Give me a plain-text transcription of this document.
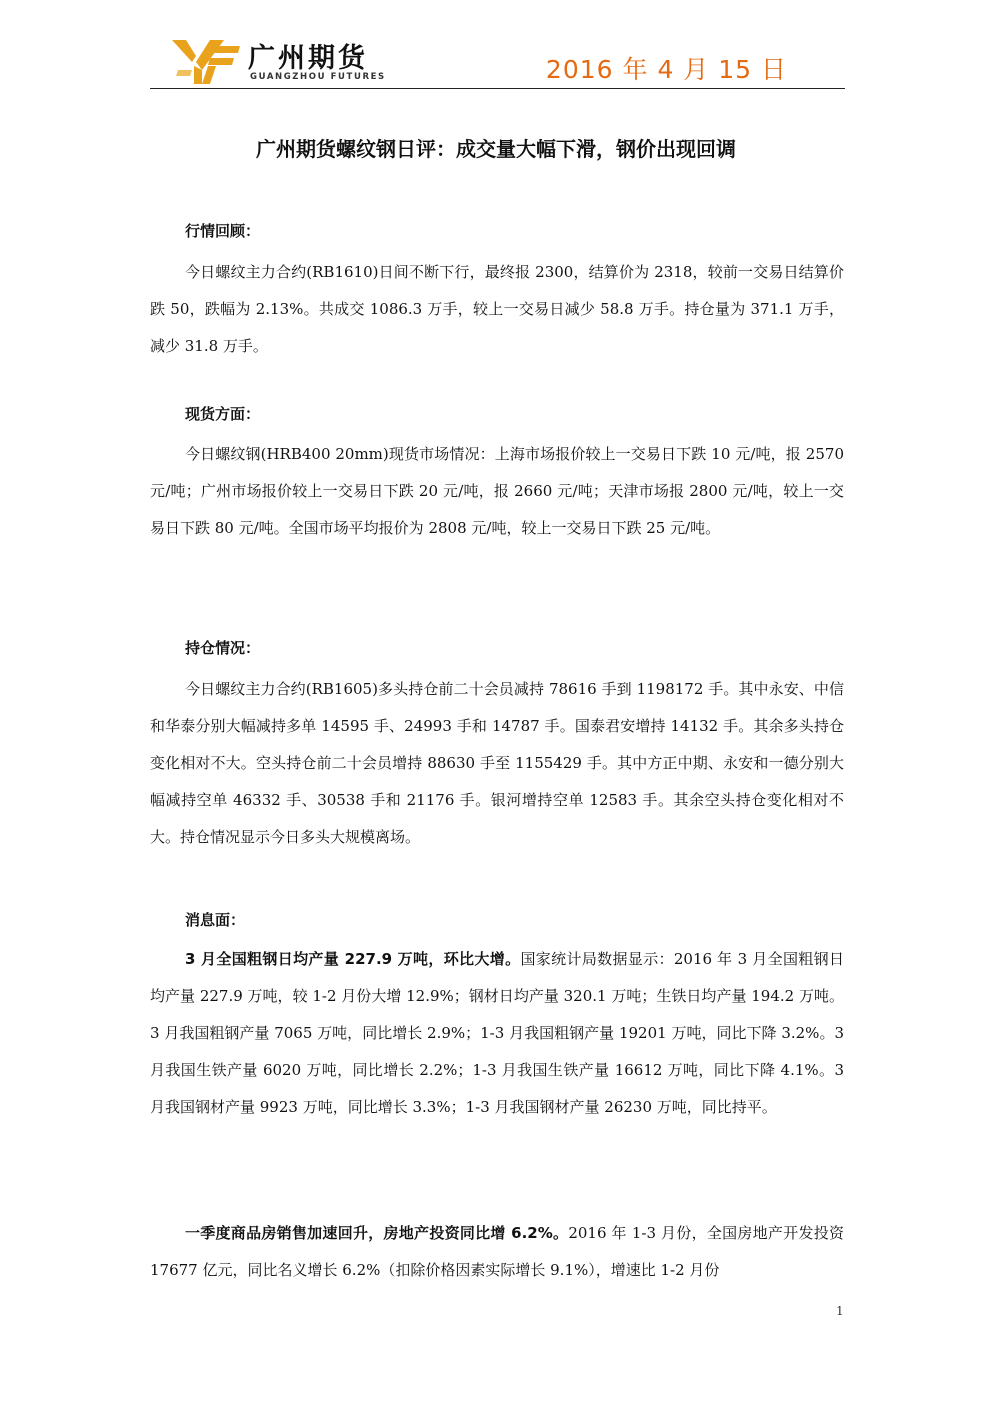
广州期货
GUANGZHOU FUTURES	2016 年 4 月 15 日
广州期货螺纹钢日评：成交量大幅下滑，钢价出现回调
行情回顾：
今日螺纹主力合约(RB1610)日间不断下行，最终报 2300，结算价为 2318，较前一交易日结算价跌 50，跌幅为 2.13%。共成交 1086.3 万手，较上一交易日减少 58.8 万手。持仓量为 371.1 万手，减少 31.8 万手。
现货方面：
今日螺纹钢(HRB400 20mm)现货市场情况：上海市场报价较上一交易日下跌 10 元/吨，报 2570 元/吨；广州市场报价较上一交易日下跌 20 元/吨，报 2660 元/吨；天津市场报 2800 元/吨，较上一交易日下跌 80 元/吨。全国市场平均报价为 2808 元/吨，较上一交易日下跌 25 元/吨。
持仓情况：
今日螺纹主力合约(RB1605)多头持仓前二十会员减持 78616 手到 1198172 手。其中永安、中信和华泰分别大幅减持多单 14595 手、24993 手和 14787 手。国泰君安增持 14132 手。其余多头持仓变化相对不大。空头持仓前二十会员增持 88630 手至 1155429 手。其中方正中期、永安和一德分别大幅减持空单 46332 手、30538 手和 21176 手。银河增持空单 12583 手。其余空头持仓变化相对不大。持仓情况显示今日多头大规模离场。
消息面：
3 月全国粗钢日均产量 227.9 万吨，环比大增。国家统计局数据显示：2016 年 3 月全国粗钢日均产量 227.9 万吨，较 1-2 月份大增 12.9%；钢材日均产量 320.1 万吨；生铁日均产量 194.2 万吨。3 月我国粗钢产量 7065 万吨，同比增长 2.9%；1-3 月我国粗钢产量 19201 万吨，同比下降 3.2%。3 月我国生铁产量 6020 万吨，同比增长 2.2%；1-3 月我国生铁产量 16612 万吨，同比下降 4.1%。3 月我国钢材产量 9923 万吨，同比增长 3.3%；1-3 月我国钢材产量 26230 万吨，同比持平。
一季度商品房销售加速回升，房地产投资同比增 6.2%。2016 年 1-3 月份，全国房地产开发投资 17677 亿元，同比名义增长 6.2%（扣除价格因素实际增长 9.1%），增速比 1-2 月份
1
